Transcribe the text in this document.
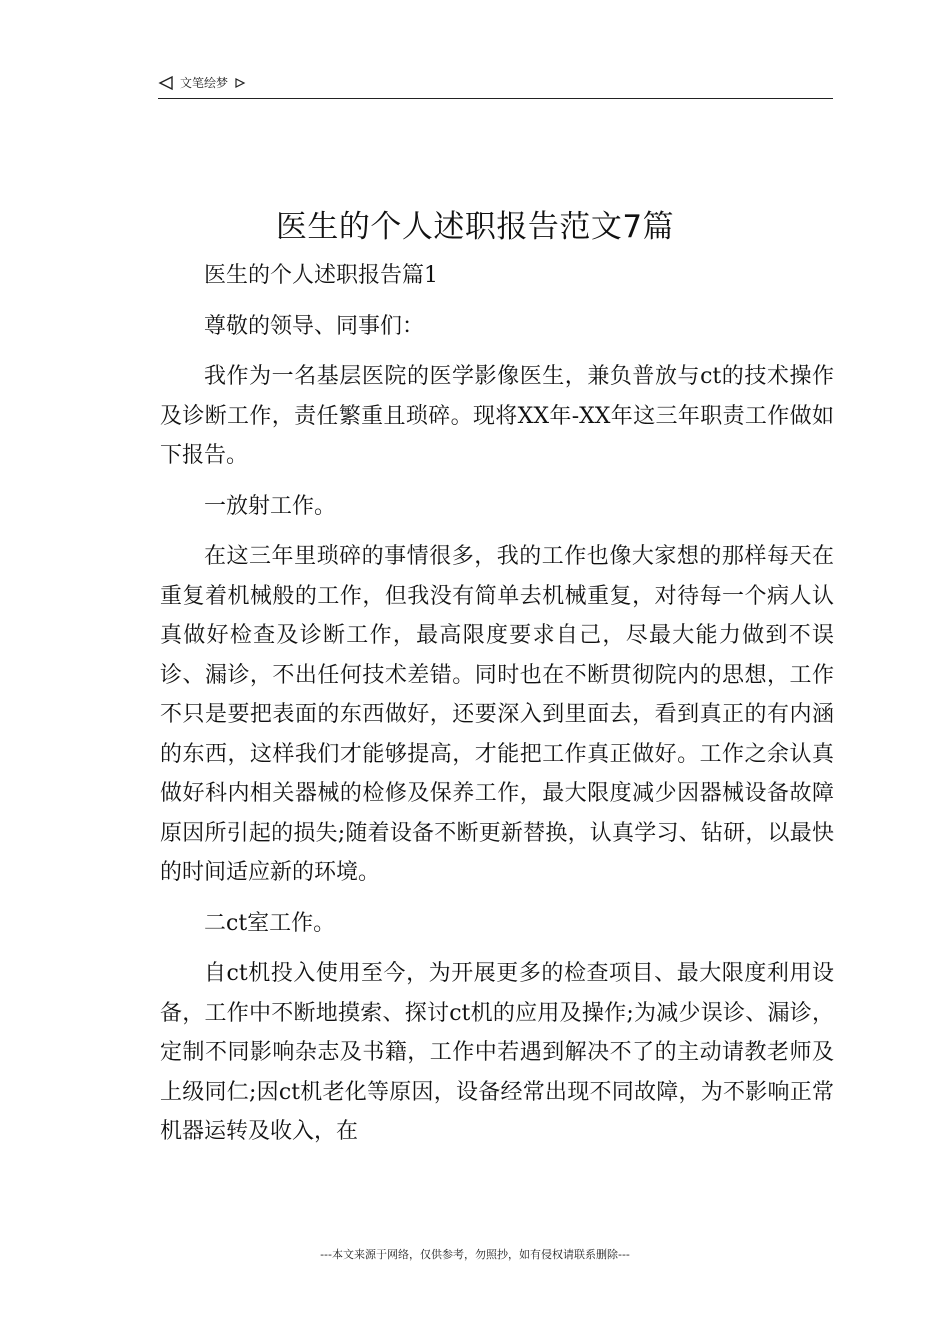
文笔绘梦
医生的个人述职报告范文7篇

医生的个人述职报告篇1

尊敬的领导、同事们：

我作为一名基层医院的医学影像医生，兼负普放与ct的技术操作及诊断工作，责任繁重且琐碎。现将XX年-XX年这三年职责工作做如下报告。

一放射工作。

在这三年里琐碎的事情很多，我的工作也像大家想的那样每天在重复着机械般的工作，但我没有简单去机械重复，对待每一个病人认真做好检查及诊断工作，最高限度要求自己，尽最大能力做到不误诊、漏诊，不出任何技术差错。同时也在不断贯彻院内的思想，工作不只是要把表面的东西做好，还要深入到里面去，看到真正的有内涵的东西，这样我们才能够提高，才能把工作真正做好。工作之余认真做好科内相关器械的检修及保养工作，最大限度减少因器械设备故障原因所引起的损失;随着设备不断更新替换，认真学习、钻研，以最快的时间适应新的环境。

二ct室工作。

自ct机投入使用至今，为开展更多的检查项目、最大限度利用设备，工作中不断地摸索、探讨ct机的应用及操作;为减少误诊、漏诊，定制不同影响杂志及书籍，工作中若遇到解决不了的主动请教老师及上级同仁;因ct机老化等原因，设备经常出现不同故障，为不影响正常机器运转及收入，在

---本文来源于网络，仅供参考，勿照抄，如有侵权请联系删除---
